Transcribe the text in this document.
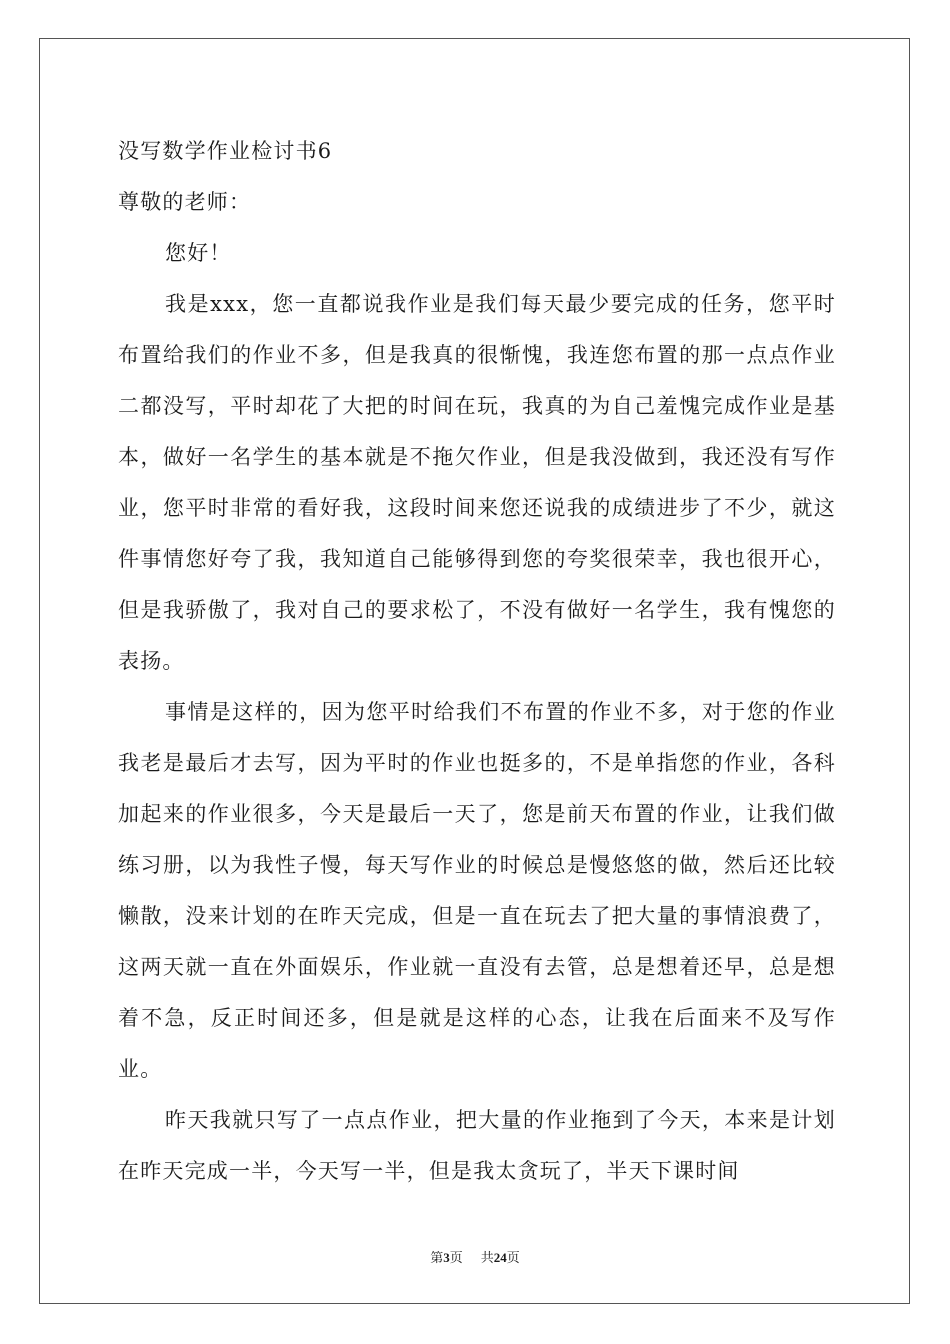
没写数学作业检讨书6
尊敬的老师：

您好！

我是xxx，您一直都说我作业是我们每天最少要完成的任务，您平时布置给我们的作业不多，但是我真的很惭愧，我连您布置的那一点点作业二都没写，平时却花了大把的时间在玩，我真的为自己羞愧完成作业是基本，做好一名学生的基本就是不拖欠作业，但是我没做到，我还没有写作业，您平时非常的看好我，这段时间来您还说我的成绩进步了不少，就这件事情您好夸了我，我知道自己能够得到您的夸奖很荣幸，我也很开心，但是我骄傲了，我对自己的要求松了，不没有做好一名学生，我有愧您的表扬。

事情是这样的，因为您平时给我们不布置的作业不多，对于您的作业我老是最后才去写，因为平时的作业也挺多的，不是单指您的作业，各科加起来的作业很多，今天是最后一天了，您是前天布置的作业，让我们做练习册，以为我性子慢，每天写作业的时候总是慢悠悠的做，然后还比较懒散，没来计划的在昨天完成，但是一直在玩去了把大量的事情浪费了，这两天就一直在外面娱乐，作业就一直没有去管，总是想着还早，总是想着不急，反正时间还多，但是就是这样的心态，让我在后面来不及写作业。

昨天我就只写了一点点作业，把大量的作业拖到了今天，本来是计划在昨天完成一半，今天写一半，但是我太贪玩了，半天下课时间

第3页 共24页
